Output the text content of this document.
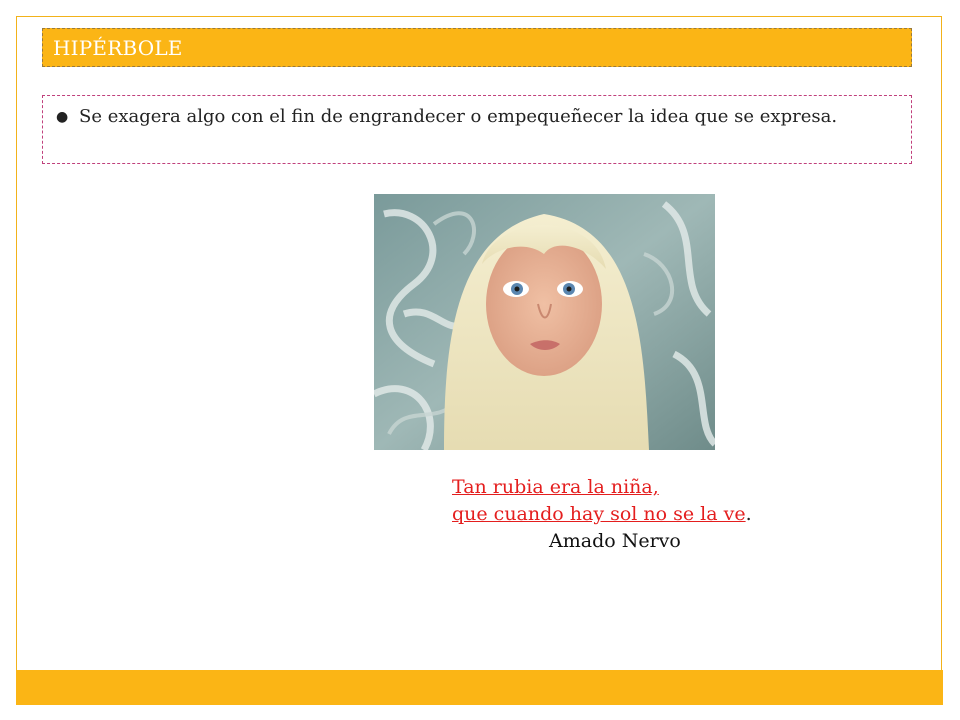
HIPÉRBOLE
● Se exagera algo con el fin de engrandecer o empequeñecer la idea que se expresa.
Tan rubia era la niña,
que cuando hay sol no se la ve.
Amado Nervo
